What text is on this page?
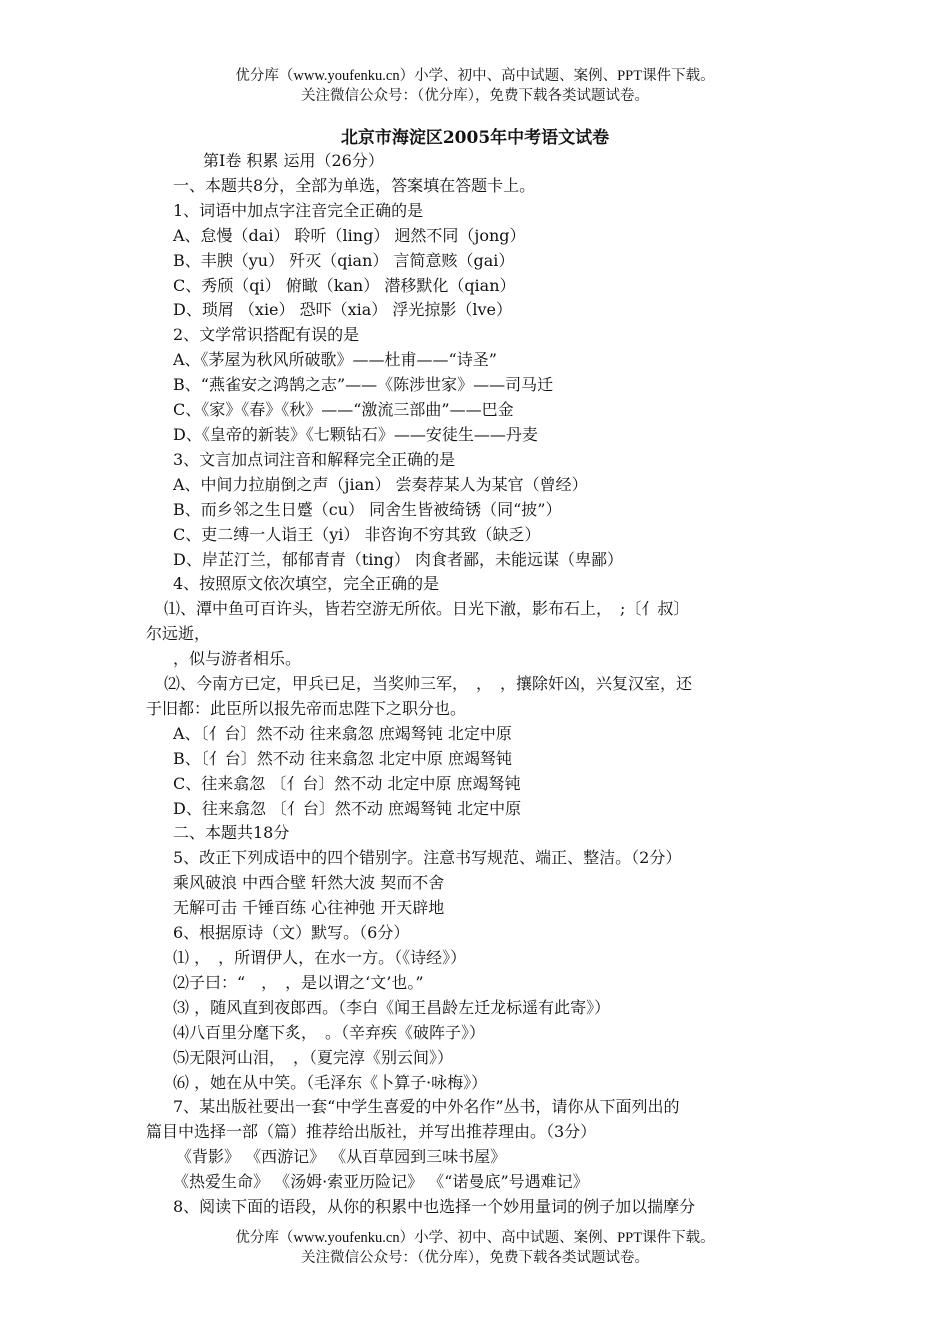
优分库（www.youfenku.cn）小学、初中、高中试题、案例、PPT课件下载。
关注微信公众号：（优分库），免费下载各类试题试卷。
北京市海淀区2005年中考语文试卷
第Ⅰ卷 积累 运用（26分）
一、本题共8分，全部为单选，答案填在答题卡上。
1、词语中加点字注音完全正确的是
A、怠慢（dai） 聆听（ling） 迥然不同（jong）
B、丰腴（yu） 歼灭（qian） 言简意赅（gai）
C、秀颀（qi） 俯瞰（kan） 潜移默化（qian）
D、琐屑 （xie） 恐吓（xia） 浮光掠影（lve）
2、文学常识搭配有误的是
A、《茅屋为秋风所破歌》——杜甫——“诗圣”
B、“燕雀安之鸿鹄之志”——《陈涉世家》——司马迁
C、《家》《春》《秋》——“激流三部曲”——巴金
D、《皇帝的新装》《七颗钻石》——安徒生——丹麦
3、文言加点词注音和解释完全正确的是
A、中间力拉崩倒之声（jian） 尝奏荐某人为某官（曾经）
B、而乡邻之生日蹙（cu） 同舍生皆被绮锈（同“披”）
C、吏二缚一人诣王（yi） 非咨询不穷其致（缺乏）
D、岸芷汀兰，郁郁青青（ting） 肉食者鄙，未能远谋（卑鄙）
4、按照原文依次填空，完全正确的是
⑴、潭中鱼可百许头，皆若空游无所依。日光下澈，影布石上，　;〔亻叔〕
尔远逝，
，似与游者相乐。
⑵、今南方已定，甲兵已足，当奖帅三军，　，　，攘除奸凶，兴复汉室，还
于旧都：此臣所以报先帝而忠陛下之职分也。
A、〔亻台〕然不动 往来翕忽 庶竭驽钝 北定中原
B、〔亻台〕然不动 往来翕忽 北定中原 庶竭驽钝
C、往来翕忽 〔亻台〕然不动 北定中原 庶竭驽钝
D、往来翕忽 〔亻台〕然不动 庶竭驽钝 北定中原
二、本题共18分
5、改正下列成语中的四个错别字。注意书写规范、端正、整洁。（2分）
乘风破浪 中西合壁 轩然大波 契而不舍
无解可击 千锤百练 心往神弛 开天辟地
6、根据原诗（文）默写。（6分）
⑴ ，　，所谓伊人，在水一方。（《诗经》）
⑵子曰：“　，　，是以谓之‘文’也。”
⑶ ，随风直到夜郎西。（李白《闻王昌龄左迁龙标遥有此寄》）
⑷八百里分麾下炙，　。（辛弃疾《破阵子》）
⑸无限河山泪，　，（夏完淳《别云间》）
⑹ ，她在从中笑。（毛泽东《卜算子·咏梅》）
7、某出版社要出一套“中学生喜爱的中外名作”丛书，请你从下面列出的
篇目中选择一部（篇）推荐给出版社，并写出推荐理由。（3分）
《背影》 《西游记》 《从百草园到三味书屋》
《热爱生命》 《汤姆·索亚历险记》 《“诺曼底”号遇难记》
8、阅读下面的语段，从你的积累中也选择一个妙用量词的例子加以揣摩分
优分库（www.youfenku.cn）小学、初中、高中试题、案例、PPT课件下载。
关注微信公众号：（优分库），免费下载各类试题试卷。
